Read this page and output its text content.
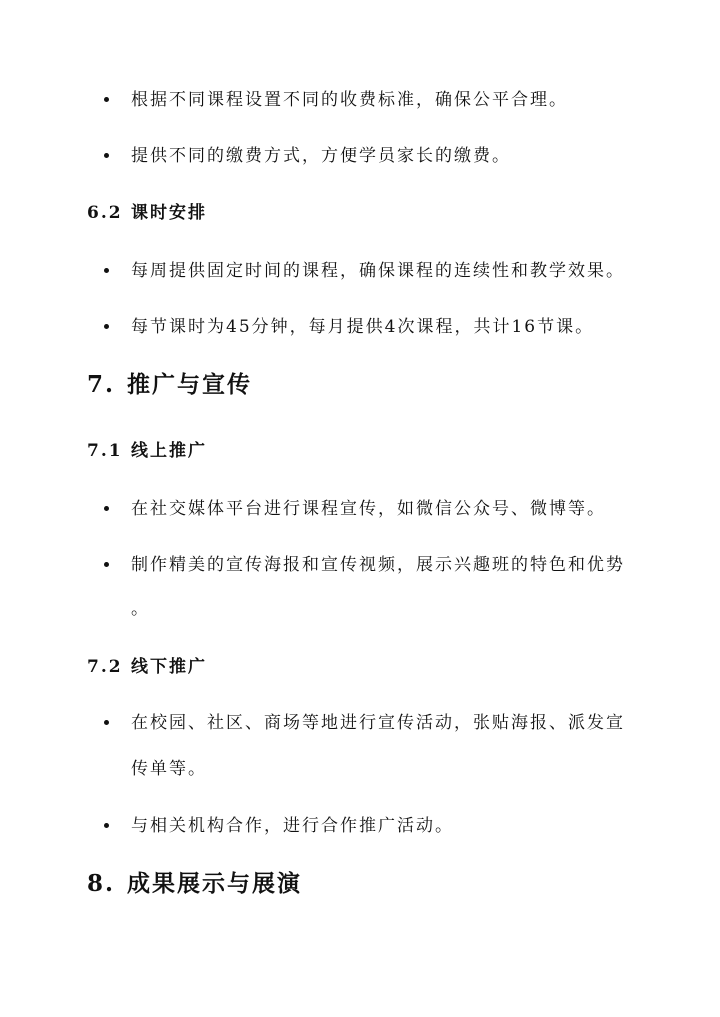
根据不同课程设置不同的收费标准，确保公平合理。
提供不同的缴费方式，方便学员家长的缴费。
6.2 课时安排
每周提供固定时间的课程，确保课程的连续性和教学效果。
每节课时为45分钟，每月提供4次课程，共计16节课。
7. 推广与宣传
7.1 线上推广
在社交媒体平台进行课程宣传，如微信公众号、微博等。
制作精美的宣传海报和宣传视频，展示兴趣班的特色和优势
。
7.2 线下推广
在校园、社区、商场等地进行宣传活动，张贴海报、派发宣
传单等。
与相关机构合作，进行合作推广活动。
8. 成果展示与展演
